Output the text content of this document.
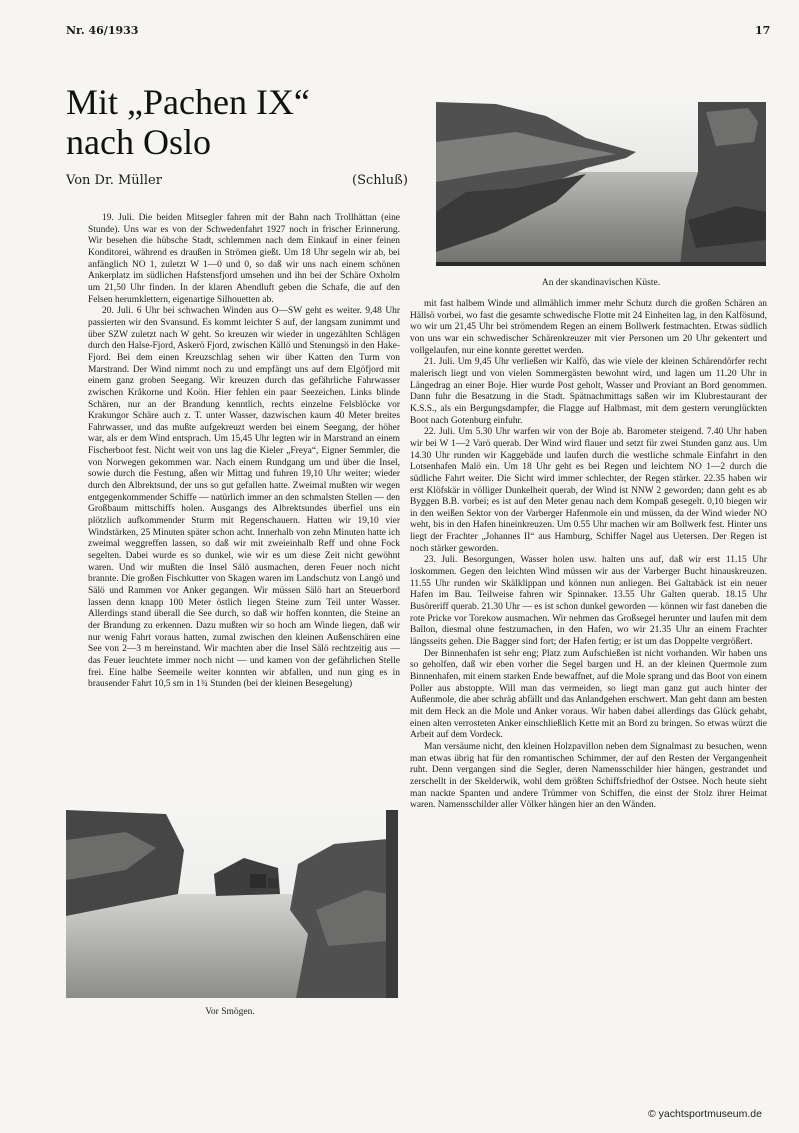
Nr. 46/1933	17
Mit „Pachen IX“
nach Oslo
Von Dr. Müller	(Schluß)

19. Juli. Die beiden Mitsegler fahren mit der Bahn nach Trollhättan (eine Stunde). Uns war es von der Schwedenfahrt 1927 noch in frischer Erinnerung. Wir besehen die hübsche Stadt, schlemmen nach dem Einkauf in einer feinen Konditorei, während es draußen in Strömen gießt. Um 18 Uhr segeln wir ab, bei anfänglich NO 1, zuletzt W 1—0 und 0, so daß wir uns nach einem schönen Ankerplatz im südlichen Hafstensfjord umsehen und ihn bei der Schäre Oxholm um 21,50 Uhr finden. In der klaren Abendluft geben die Schafe, die auf den Felsen herumklettern, eigenartige Silhouetten ab.

20. Juli. 6 Uhr bei schwachen Winden aus O—SW geht es weiter. 9,48 Uhr passierten wir den Svansund. Es kommt leichter S auf, der langsam zunimmt und über SZW zuletzt nach W geht. So kreuzen wir wieder in ungezählten Schlägen durch den Halse-Fjord, Askerö Fjord, zwischen Källö und Stenungsö in den Hake-Fjord. Bei dem einen Kreuzschlag sehen wir über Katten den Turm von Marstrand. Der Wind nimmt noch zu und empfängt uns auf dem Elgöfjord mit einem ganz groben Seegang. Wir kreuzen durch das gefährliche Fahrwasser zwischen Kråkorne und Koön. Hier fehlen ein paar Seezeichen. Links blinde Schären, nur an der Brandung kenntlich, rechts einzelne Felsblöcke vor Krakungor Schäre auch z. T. unter Wasser, dazwischen kaum 40 Meter breites Fahrwasser, und das mußte aufgekreuzt werden bei einem Seegang, der höher war, als er dem Wind entsprach. Um 15,45 Uhr legten wir in Marstrand an einem Fischerboot fest. Nicht weit von uns lag die Kieler „Freya“, Eigner Semmler, die von Norwegen gekommen war. Nach einem Rundgang um und über die Insel, sowie durch die Festung, aßen wir Mittag und fuhren 19,10 Uhr weiter; wieder durch den Albrektsund, der uns so gut gefallen hatte. Zweimal mußten wir wegen entgegenkommender Schiffe — natürlich immer an den schmalsten Stellen — den Großbaum mittschiffs holen. Ausgangs des Albrektsundes überfiel uns ein plötzlich aufkommender Sturm mit Regenschauern. Hatten wir 19,10 vier Windstärken, 25 Minuten später schon acht. Innerhalb von zehn Minuten hatte ich zweimal weggreffen lassen, so daß wir mit zweieinhalb Reff und ohne Fock segelten. Dabei wurde es so dunkel, wie wir es um diese Zeit nicht gewöhnt waren. Und wir mußten die Insel Sälö ausmachen, deren Feuer noch nicht brannte. Die großen Fischkutter von Skagen waren im Landschutz von Langö und Sälö und Rammen vor Anker gegangen. Wir müssen Sälö hart an Steuerbord lassen denn knapp 100 Meter östlich liegen Steine zum Teil unter Wasser. Allerdings stand überall die See durch, so daß wir hoffen konnten, die Steine an der Brandung zu erkennen. Dazu mußten wir so hoch am Winde liegen, daß wir nur wenig Fahrt voraus hatten, zumal zwischen den kleinen Außenschären eine See von 2—3 m hereinstand. Wir machten aber die Insel Sälö rechtzeitig aus — das Feuer leuchtete immer noch nicht — und kamen von der gefährlichen Stelle frei. Eine halbe Seemeile weiter konnten wir abfallen, und nun ging es in brausender Fahrt 10,5 sm in 1¾ Stunden (bei der kleinen Besegelung)

mit fast halbem Winde und allmählich immer mehr Schutz durch die großen Schären an Hällsö vorbei, wo fast die gesamte schwedische Flotte mit 24 Einheiten lag, in den Kalfösund, wo wir um 21,45 Uhr bei strömendem Regen an einem Bollwerk festmachten. Etwas südlich von uns war ein schwedischer Schärenkreuzer mit vier Personen um 20 Uhr gekentert und vollgelaufen, nur eine konnte gerettet werden.

21. Juli. Um 9,45 Uhr verließen wir Kalfö, das wie viele der kleinen Schärendörfer recht malerisch liegt und von vielen Sommergästen bewohnt wird, und lagen um 11.20 Uhr in Längedrag an einer Boje. Hier wurde Post geholt, Wasser und Proviant an Bord genommen. Dann fuhr die Besatzung in die Stadt. Spätnachmittags saßen wir im Klubrestaurant der K.S.S., als ein Bergungsdampfer, die Flagge auf Halbmast, mit dem gestern verunglückten Boot nach Gotenburg einfuhr.

22. Juli. Um 5.30 Uhr warfen wir von der Boje ab. Barometer steigend. 7.40 Uhr haben wir bei W 1—2 Varö querab. Der Wind wird flauer und setzt für zwei Stunden ganz aus. Um 14.30 Uhr runden wir Kaggebäde und laufen durch die westliche schmale Einfahrt in den Lotsenhafen Malö ein. Um 18 Uhr geht es bei Regen und leichtem NO 1—2 durch die südliche Fahrt weiter. Die Sicht wird immer schlechter, der Regen stärker. 22.35 haben wir erst Klöfskär in völliger Dunkelheit querab, der Wind ist NNW 2 geworden; dann geht es ab Byggen B.B. vorbei; es ist auf den Meter genau nach dem Kompaß gesegelt. 0,10 biegen wir in den weißen Sektor von der Varberger Hafenmole ein und müssen, da der Wind wieder NO weht, bis in den Hafen hineinkreuzen. Um 0.55 Uhr machen wir am Bollwerk fest. Hinter uns liegt der Frachter „Johannes II“ aus Hamburg, Schiffer Nagel aus Uetersen. Der Regen ist noch stärker geworden.

23. Juli. Besorgungen, Wasser holen usw. halten uns auf, daß wir erst 11.15 Uhr loskommen. Gegen den leichten Wind müssen wir aus der Varberger Bucht hinauskreuzen. 11.55 Uhr runden wir Skälklippan und können nun anliegen. Bei Galtabäck ist ein neuer Hafen im Bau. Teilweise fahren wir Spinnaker. 13.55 Uhr Galten querab. 18.15 Uhr Busöreriff querab. 21.30 Uhr — es ist schon dunkel geworden — können wir fast daneben die rote Pricke vor Torekow ausmachen. Wir nehmen das Großsegel herunter und laufen mit dem Ballon, diesmal ohne festzumachen, in den Hafen, wo wir 21.35 Uhr an einem Frachter längsseits gehen. Die Bagger sind fort; der Hafen fertig; er ist um das Doppelte vergrößert.

Der Binnenhafen ist sehr eng; Platz zum Aufschießen ist nicht vorhanden. Wir haben uns so geholfen, daß wir eben vorher die Segel bargen und H. an der kleinen Quermole zum Binnenhafen, mit einem starken Ende bewaffnet, auf die Mole sprang und das Boot von einem Poller aus abstoppte. Will man das vermeiden, so liegt man ganz gut auch hinter der Außenmole, die aber schräg abfällt und das Anlandgehen erschwert. Man geht dann am besten mit dem Heck an die Mole und Anker voraus. Wir haben dabei allerdings das Glück gehabt, einen alten verrosteten Anker einschließlich Kette mit an Bord zu bringen. So etwas würzt die Arbeit auf dem Vordeck.

Man versäume nicht, den kleinen Holzpavillon neben dem Signalmast zu besuchen, wenn man etwas übrig hat für den romantischen Schimmer, der auf den Resten der Vergangenheit ruht. Denn vergangen sind die Segler, deren Namensschilder hier hängen, gestrandet und zerschellt in der Skelderwik, wohl dem größten Schiffsfriedhof der Ostsee. Noch heute sieht man nackte Spanten und andere Trümmer von Schiffen, die einst der Stolz ihrer Heimat waren. Namensschilder aller Völker hängen hier an den Wänden.

An der skandinavischen Küste.
Vor Smögen.
© yachtsportmuseum.de
